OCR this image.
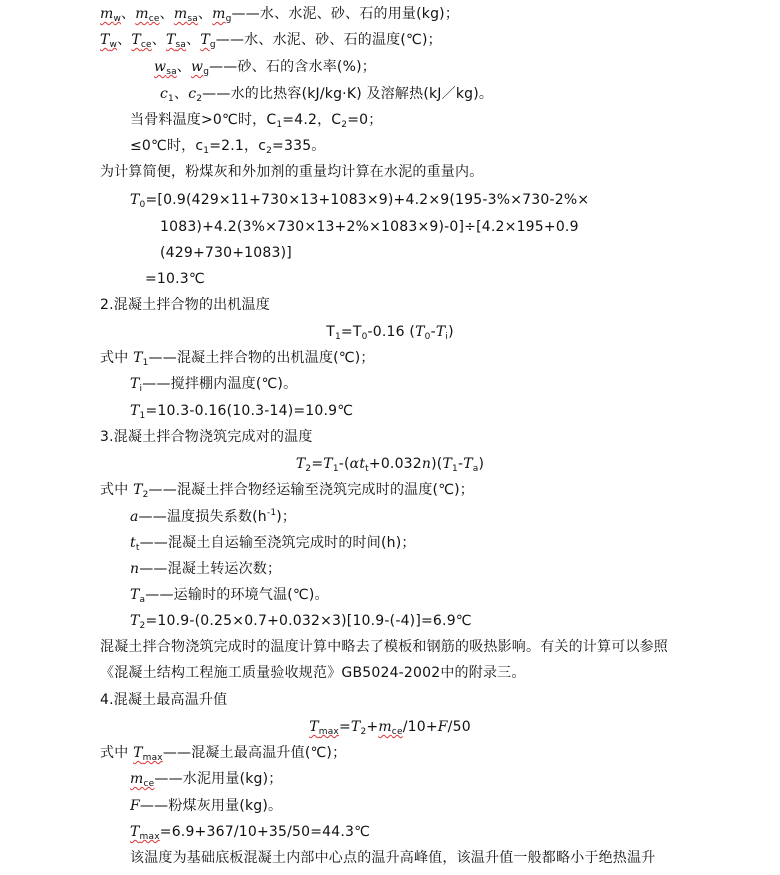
$m_w$、$m_{ce}$、$m_{sa}$、$m_g——$水、水泥、砂、石的用量(kg)；
$T_w$、$T_{ce}$、$T_{sa}$、$T_g——$水、水泥、砂、石的温度(℃)；
$w_{sa}$、$w_g——$砂、石的含水率(%)；
$c_1$、$c_2——$水的比热容(kJ/kg·K) 及溶解热(kJ／kg)。
当骨料温度>0℃时，$C_1=4.2$，$C_2=0$；
≤0℃时，$c_1=2.1$，$c_2=335$。
为计算简便，粉煤灰和外加剂的重量均计算在水泥的重量内。
$T_0=[0.9(429\times 11+730\times 13+1083\times 9)+4.2\times 9(195-3\%\times 730-2\%\times$
1083)+4.2(3%×730×13+2%×1083×9)-0]÷[4.2×195+0.9
(429+730+1083)]
=10.3℃
2.混凝土拌合物的出机温度
$T_1=T_0-0.16$ $(T_0-T_i)$
式中 $T_1——$混凝土拌合物的出机温度(℃)；
$T_i——$搅拌棚内温度(℃)。
$T_1=10.3-0.16(10.3-14)=10.9℃$
3.混凝土拌合物浇筑完成对的温度
$T_2=T_1-(\alpha t_t+0.032n)(T_1-T_a)$
式中 $T_2——$混凝土拌合物经运输至浇筑完成时的温度(℃)；
a——温度损失系数$(h^{-1})$；
$t_t——$混凝土自运输至浇筑完成时的时间(h)；
n——混凝土转运次数；
$T_a——$运输时的环境气温(℃)。
$T_2=10.9-(0.25\times 0.7+0.032\times 3)[10.9-(-4)]=6.9℃$
混凝土拌合物浇筑完成时的温度计算中略去了模板和钢筋的吸热影响。有关的计算可以参照
《混凝土结构工程施工质量验收规范》GB5024-2002中的附录三。
4.混凝土最高温升值
$T_{max}=T_2+m_{ce}/10+F/50$
式中 $T_{max}——$混凝土最高温升值(℃)；
$m_{ce}——$水泥用量(kg)；
F——粉煤灰用量(kg)。
$T_{max}=6.9+367/10+35/50=44.3℃$
该温度为基础底板混凝土内部中心点的温升高峰值，该温升值一般都略小于绝热温升
